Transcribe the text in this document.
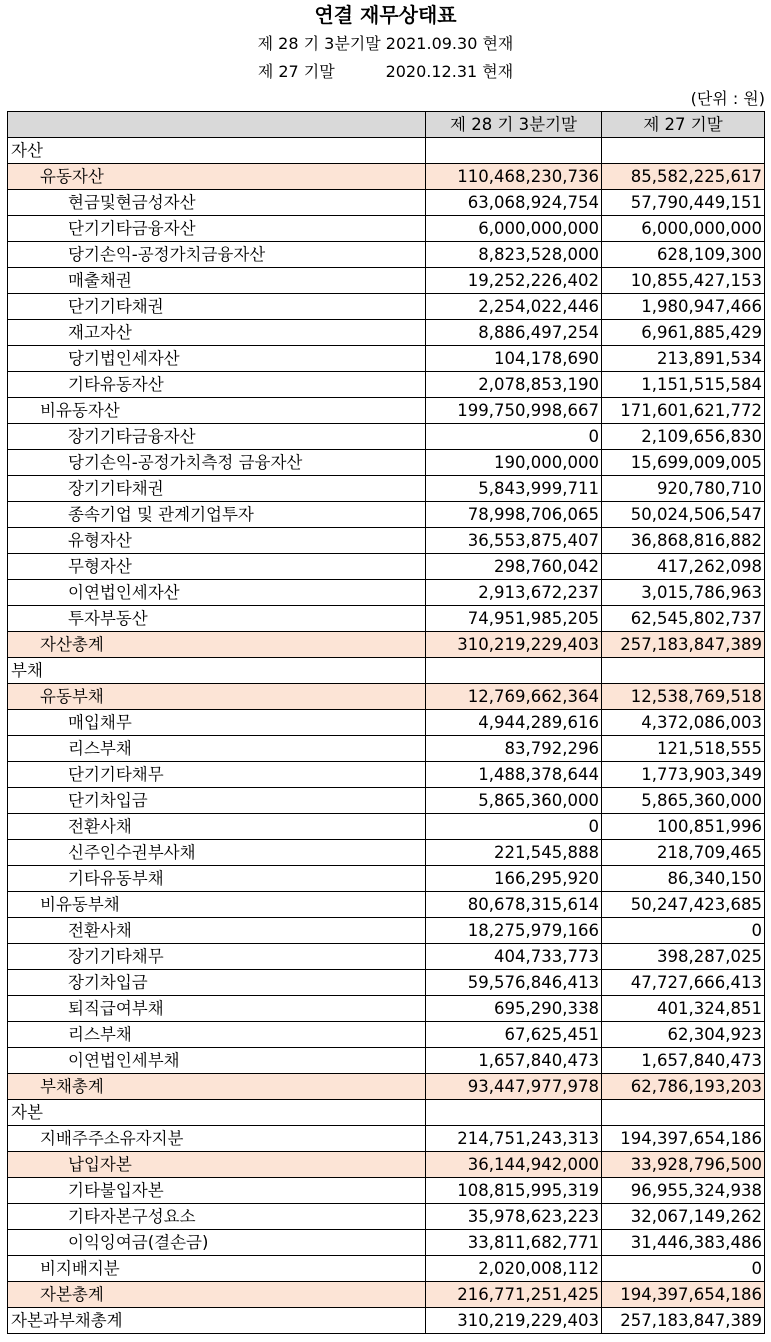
연결 재무상태표
제 28 기 3분기말 2021.09.30 현재
제 27 기말          2020.12.31 현재
(단위 : 원)
	제 28 기 3분기말	제 27 기말
자산		
유동자산	110,468,230,736	85,582,225,617
현금및현금성자산	63,068,924,754	57,790,449,151
단기기타금융자산	6,000,000,000	6,000,000,000
당기손익-공정가치금융자산	8,823,528,000	628,109,300
매출채권	19,252,226,402	10,855,427,153
단기기타채권	2,254,022,446	1,980,947,466
재고자산	8,886,497,254	6,961,885,429
당기법인세자산	104,178,690	213,891,534
기타유동자산	2,078,853,190	1,151,515,584
비유동자산	199,750,998,667	171,601,621,772
장기기타금융자산	0	2,109,656,830
당기손익-공정가치측정 금융자산	190,000,000	15,699,009,005
장기기타채권	5,843,999,711	920,780,710
종속기업 및 관계기업투자	78,998,706,065	50,024,506,547
유형자산	36,553,875,407	36,868,816,882
무형자산	298,760,042	417,262,098
이연법인세자산	2,913,672,237	3,015,786,963
투자부동산	74,951,985,205	62,545,802,737
자산총계	310,219,229,403	257,183,847,389
부채		
유동부채	12,769,662,364	12,538,769,518
매입채무	4,944,289,616	4,372,086,003
리스부채	83,792,296	121,518,555
단기기타채무	1,488,378,644	1,773,903,349
단기차입금	5,865,360,000	5,865,360,000
전환사채	0	100,851,996
신주인수권부사채	221,545,888	218,709,465
기타유동부채	166,295,920	86,340,150
비유동부채	80,678,315,614	50,247,423,685
전환사채	18,275,979,166	0
장기기타채무	404,733,773	398,287,025
장기차입금	59,576,846,413	47,727,666,413
퇴직급여부채	695,290,338	401,324,851
리스부채	67,625,451	62,304,923
이연법인세부채	1,657,840,473	1,657,840,473
부채총계	93,447,977,978	62,786,193,203
자본		
지배주주소유자지분	214,751,243,313	194,397,654,186
납입자본	36,144,942,000	33,928,796,500
기타불입자본	108,815,995,319	96,955,324,938
기타자본구성요소	35,978,623,223	32,067,149,262
이익잉여금(결손금)	33,811,682,771	31,446,383,486
비지배지분	2,020,008,112	0
자본총계	216,771,251,425	194,397,654,186
자본과부채총계	310,219,229,403	257,183,847,389
